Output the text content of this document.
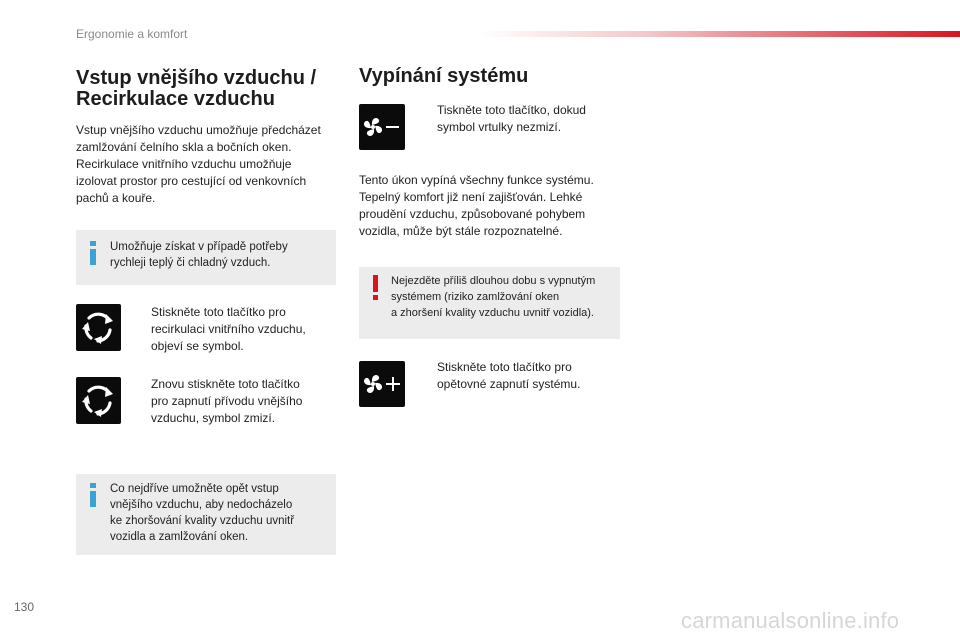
Ergonomie a komfort
Vstup vnějšího vzduchu /
Recirkulace vzduchu
Vstup vnějšího vzduchu umožňuje předcházet
zamlžování čelního skla a bočních oken.
Recirkulace vnitřního vzduchu umožňuje
izolovat prostor pro cestující od venkovních
pachů a kouře.
Umožňuje získat v případě potřeby
rychleji teplý či chladný vzduch.
Stiskněte toto tlačítko pro
recirkulaci vnitřního vzduchu,
objeví se symbol.
Znovu stiskněte toto tlačítko
pro zapnutí přívodu vnějšího
vzduchu, symbol zmizí.
Co nejdříve umožněte opět vstup
vnějšího vzduchu, aby nedocházelo
ke zhoršování kvality vzduchu uvnitř
vozidla a zamlžování oken.
Vypínání systému
Tiskněte toto tlačítko, dokud
symbol vrtulky nezmizí.
Tento úkon vypíná všechny funkce systému.
Tepelný komfort již není zajišťován. Lehké
proudění vzduchu, způsobované pohybem
vozidla, může být stále rozpoznatelné.
Nejezděte příliš dlouhou dobu s vypnutým
systémem (riziko zamlžování oken
a zhoršení kvality vzduchu uvnitř vozidla).
Stiskněte toto tlačítko pro
opětovné zapnutí systému.
130
carmanualsonline.info
